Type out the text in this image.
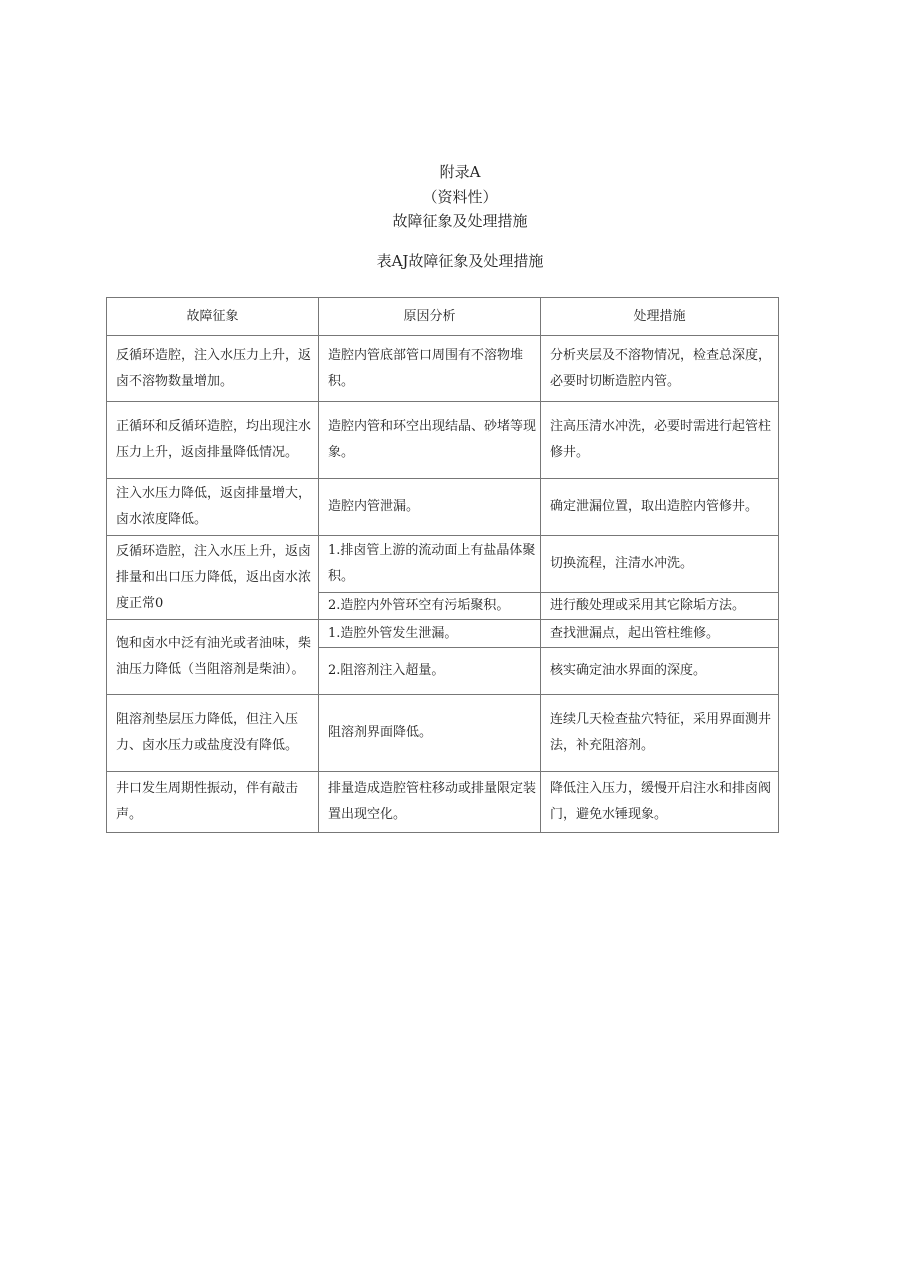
附录A
（资料性）
故障征象及处理措施
表AJ故障征象及处理措施
故障征象	原因分析	处理措施
反循环造腔，注入水压力上升，返卤不溶物数量增加。	造腔内管底部管口周围有不溶物堆积。	分析夹层及不溶物情况，检查总深度，必要时切断造腔内管。
正循环和反循环造腔，均出现注水压力上升，返卤排量降低情况。	造腔内管和环空出现结晶、砂堵等现象。	注高压清水冲洗，必要时需进行起管柱修井。
注入水压力降低，返卤排量增大，卤水浓度降低。	造腔内管泄漏。	确定泄漏位置，取出造腔内管修井。
反循环造腔，注入水压上升，返卤排量和出口压力降低，返出卤水浓度正常0	1.排卤管上游的流动面上有盐晶体聚积。	切换流程，注清水冲洗。
	2.造腔内外管环空有污垢聚积。	进行酸处理或采用其它除垢方法。
饱和卤水中泛有油光或者油味，柴油压力降低（当阻溶剂是柴油）。	1.造腔外管发生泄漏。	查找泄漏点，起出管柱维修。
	2.阻溶剂注入超量。	核实确定油水界面的深度。
阻溶剂垫层压力降低，但注入压力、卤水压力或盐度没有降低。	阻溶剂界面降低。	连续几天检查盐穴特征，采用界面测井法，补充阻溶剂。
井口发生周期性振动，伴有敲击声。	排量造成造腔管柱移动或排量限定装置出现空化。	降低注入压力，缓慢开启注水和排卤阀门，避免水锤现象。
